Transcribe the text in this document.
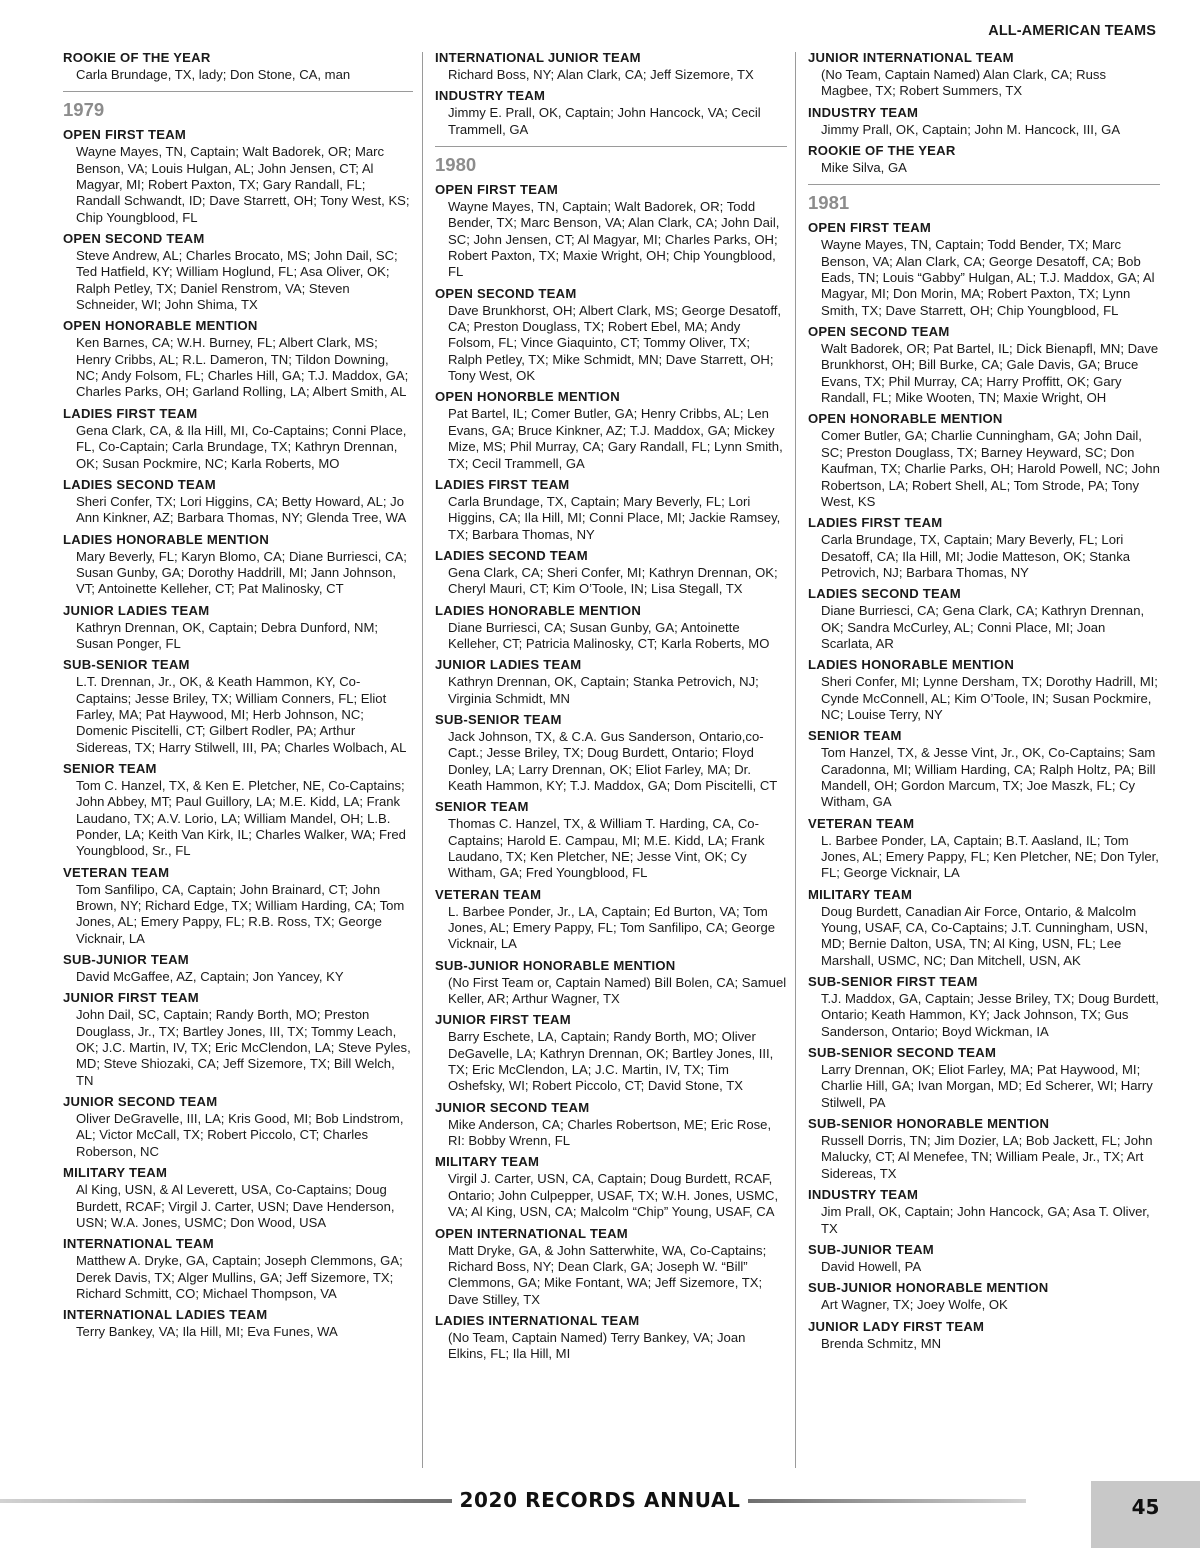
ALL-AMERICAN TEAMS
ROOKIE OF THE YEAR
Carla Brundage, TX, lady; Don Stone, CA, man
1979
OPEN FIRST TEAM
Wayne Mayes, TN, Captain; Walt Badorek, OR; Marc Benson, VA; Louis Hulgan, AL; John Jensen, CT; Al Magyar, MI; Robert Paxton, TX; Gary Randall, FL; Randall Schwandt, ID; Dave Starrett, OH; Tony West, KS; Chip Youngblood, FL
OPEN SECOND TEAM
Steve Andrew, AL; Charles Brocato, MS; John Dail, SC; Ted Hatfield, KY; William Hoglund, FL; Asa Oliver, OK; Ralph Petley, TX; Daniel Renstrom, VA; Steven Schneider, WI; John Shima, TX
OPEN HONORABLE MENTION
Ken Barnes, CA; W.H. Burney, FL; Albert Clark, MS; Henry Cribbs, AL; R.L. Dameron, TN; Tildon Downing, NC; Andy Folsom, FL; Charles Hill, GA; T.J. Maddox, GA; Charles Parks, OH; Garland Rolling, LA; Albert Smith, AL
LADIES FIRST TEAM
Gena Clark, CA, & Ila Hill, MI, Co-Captains; Conni Place, FL, Co-Captain; Carla Brundage, TX; Kathryn Drennan, OK; Susan Pockmire, NC; Karla Roberts, MO
LADIES SECOND TEAM
Sheri Confer, TX; Lori Higgins, CA; Betty Howard, AL; Jo Ann Kinkner, AZ; Barbara Thomas, NY; Glenda Tree, WA
LADIES HONORABLE MENTION
Mary Beverly, FL; Karyn Blomo, CA; Diane Burriesci, CA; Susan Gunby, GA; Dorothy Haddrill, MI; Jann Johnson, VT; Antoinette Kelleher, CT; Pat Malinosky, CT
JUNIOR LADIES TEAM
Kathryn Drennan, OK, Captain; Debra Dunford, NM; Susan Ponger, FL
SUB-SENIOR TEAM
L.T. Drennan, Jr., OK, & Keath Hammon, KY, Co-Captains; Jesse Briley, TX; William Conners, FL; Eliot Farley, MA; Pat Haywood, MI; Herb Johnson, NC; Domenic Piscitelli, CT; Gilbert Rodler, PA; Arthur Sidereas, TX; Harry Stilwell, III, PA; Charles Wolbach, AL
SENIOR TEAM
Tom C. Hanzel, TX, & Ken E. Pletcher, NE, Co-Captains; John Abbey, MT; Paul Guillory, LA; M.E. Kidd, LA; Frank Laudano, TX; A.V. Lorio, LA; William Mandel, OH; L.B. Ponder, LA; Keith Van Kirk, IL; Charles Walker, WA; Fred Youngblood, Sr., FL
VETERAN TEAM
Tom Sanfilipo, CA, Captain; John Brainard, CT; John Brown, NY; Richard Edge, TX; William Harding, CA; Tom Jones, AL; Emery Pappy, FL; R.B. Ross, TX; George Vicknair, LA
SUB-JUNIOR TEAM
David McGaffee, AZ, Captain; Jon Yancey, KY
JUNIOR FIRST TEAM
John Dail, SC, Captain; Randy Borth, MO; Preston Douglass, Jr., TX; Bartley Jones, III, TX; Tommy Leach, OK; J.C. Martin, IV, TX; Eric McClendon, LA; Steve Pyles, MD; Steve Shiozaki, CA; Jeff Sizemore, TX; Bill Welch, TN
JUNIOR SECOND TEAM
Oliver DeGravelle, III, LA; Kris Good, MI; Bob Lindstrom, AL; Victor McCall, TX; Robert Piccolo, CT; Charles Roberson, NC
MILITARY TEAM
Al King, USN, & Al Leverett, USA, Co-Captains; Doug Burdett, RCAF; Virgil J. Carter, USN; Dave Henderson, USN; W.A. Jones, USMC; Don Wood, USA
INTERNATIONAL TEAM
Matthew A. Dryke, GA, Captain; Joseph Clemmons, GA; Derek Davis, TX; Alger Mullins, GA; Jeff Sizemore, TX; Richard Schmitt, CO; Michael Thompson, VA
INTERNATIONAL LADIES TEAM
Terry Bankey, VA; Ila Hill, MI; Eva Funes, WA
INTERNATIONAL JUNIOR TEAM
Richard Boss, NY; Alan Clark, CA; Jeff Sizemore, TX
INDUSTRY TEAM
Jimmy E. Prall, OK, Captain; John Hancock, VA; Cecil Trammell, GA
1980
OPEN FIRST TEAM
Wayne Mayes, TN, Captain; Walt Badorek, OR; Todd Bender, TX; Marc Benson, VA; Alan Clark, CA; John Dail, SC; John Jensen, CT; Al Magyar, MI; Charles Parks, OH; Robert Paxton, TX; Maxie Wright, OH; Chip Youngblood, FL
OPEN SECOND TEAM
Dave Brunkhorst, OH; Albert Clark, MS; George Desatoff, CA; Preston Douglass, TX; Robert Ebel, MA; Andy Folsom, FL; Vince Giaquinto, CT; Tommy Oliver, TX; Ralph Petley, TX; Mike Schmidt, MN; Dave Starrett, OH; Tony West, OK
OPEN HONORBLE MENTION
Pat Bartel, IL; Comer Butler, GA; Henry Cribbs, AL; Len Evans, GA; Bruce Kinkner, AZ; T.J. Maddox, GA; Mickey Mize, MS; Phil Murray, CA; Gary Randall, FL; Lynn Smith, TX; Cecil Trammell, GA
LADIES FIRST TEAM
Carla Brundage, TX, Captain; Mary Beverly, FL; Lori Higgins, CA; Ila Hill, MI; Conni Place, MI; Jackie Ramsey, TX; Barbara Thomas, NY
LADIES SECOND TEAM
Gena Clark, CA; Sheri Confer, MI; Kathryn Drennan, OK; Cheryl Mauri, CT; Kim O’Toole, IN; Lisa Stegall, TX
LADIES HONORABLE MENTION
Diane Burriesci, CA; Susan Gunby, GA; Antoinette Kelleher, CT; Patricia Malinosky, CT; Karla Roberts, MO
JUNIOR LADIES TEAM
Kathryn Drennan, OK, Captain; Stanka Petrovich, NJ; Virginia Schmidt, MN
SUB-SENIOR TEAM
Jack Johnson, TX, & C.A. Gus Sanderson, Ontario,co-Capt.; Jesse Briley, TX; Doug Burdett, Ontario; Floyd Donley, LA; Larry Drennan, OK; Eliot Farley, MA; Dr. Keath Hammon, KY; T.J. Maddox, GA; Dom Piscitelli, CT
SENIOR TEAM
Thomas C. Hanzel, TX, & William T. Harding, CA, Co-Captains; Harold E. Campau, MI; M.E. Kidd, LA; Frank Laudano, TX; Ken Pletcher, NE; Jesse Vint, OK; Cy Witham, GA; Fred Youngblood, FL
VETERAN TEAM
L. Barbee Ponder, Jr., LA, Captain; Ed Burton, VA; Tom Jones, AL; Emery Pappy, FL; Tom Sanfilipo, CA; George Vicknair, LA
SUB-JUNIOR HONORABLE MENTION
(No First Team or, Captain Named) Bill Bolen, CA; Samuel Keller, AR; Arthur Wagner, TX
JUNIOR FIRST TEAM
Barry Eschete, LA, Captain; Randy Borth, MO; Oliver DeGavelle, LA; Kathryn Drennan, OK; Bartley Jones, III, TX; Eric McClendon, LA; J.C. Martin, IV, TX; Tim Oshefsky, WI; Robert Piccolo, CT; David Stone, TX
JUNIOR SECOND TEAM
Mike Anderson, CA; Charles Robertson, ME; Eric Rose, RI: Bobby Wrenn, FL
MILITARY TEAM
Virgil J. Carter, USN, CA, Captain; Doug Burdett, RCAF, Ontario; John Culpepper, USAF, TX; W.H. Jones, USMC, VA; Al King, USN, CA; Malcolm “Chip” Young, USAF, CA
OPEN INTERNATIONAL TEAM
Matt Dryke, GA, & John Satterwhite, WA, Co-Captains; Richard Boss, NY; Dean Clark, GA; Joseph W. “Bill” Clemmons, GA; Mike Fontant, WA; Jeff Sizemore, TX; Dave Stilley, TX
LADIES INTERNATIONAL TEAM
(No Team, Captain Named) Terry Bankey, VA; Joan Elkins, FL; Ila Hill, MI
JUNIOR INTERNATIONAL TEAM
(No Team, Captain Named) Alan Clark, CA; Russ Magbee, TX; Robert Summers, TX
INDUSTRY TEAM
Jimmy Prall, OK, Captain; John M. Hancock, III, GA
ROOKIE OF THE YEAR
Mike Silva, GA
1981
OPEN FIRST TEAM
Wayne Mayes, TN, Captain; Todd Bender, TX; Marc Benson, VA; Alan Clark, CA; George Desatoff, CA; Bob Eads, TN; Louis “Gabby” Hulgan, AL; T.J. Maddox, GA; Al Magyar, MI; Don Morin, MA; Robert Paxton, TX; Lynn Smith, TX; Dave Starrett, OH; Chip Youngblood, FL
OPEN SECOND TEAM
Walt Badorek, OR; Pat Bartel, IL; Dick Bienapfl, MN; Dave Brunkhorst, OH; Bill Burke, CA; Gale Davis, GA; Bruce Evans, TX; Phil Murray, CA; Harry Proffitt, OK; Gary Randall, FL; Mike Wooten, TN; Maxie Wright, OH
OPEN HONORABLE MENTION
Comer Butler, GA; Charlie Cunningham, GA; John Dail, SC; Preston Douglass, TX; Barney Heyward, SC; Don Kaufman, TX; Charlie Parks, OH; Harold Powell, NC; John Robertson, LA; Robert Shell, AL; Tom Strode, PA; Tony West, KS
LADIES FIRST TEAM
Carla Brundage, TX, Captain; Mary Beverly, FL; Lori Desatoff, CA; Ila Hill, MI; Jodie Matteson, OK; Stanka Petrovich, NJ; Barbara Thomas, NY
LADIES SECOND TEAM
Diane Burriesci, CA; Gena Clark, CA; Kathryn Drennan, OK; Sandra McCurley, AL; Conni Place, MI; Joan Scarlata, AR
LADIES HONORABLE MENTION
Sheri Confer, MI; Lynne Dersham, TX; Dorothy Hadrill, MI; Cynde McConnell, AL; Kim O’Toole, IN; Susan Pockmire, NC; Louise Terry, NY
SENIOR TEAM
Tom Hanzel, TX, & Jesse Vint, Jr., OK, Co-Captains; Sam Caradonna, MI; William Harding, CA; Ralph Holtz, PA; Bill Mandell, OH; Gordon Marcum, TX; Joe Maszk, FL; Cy Witham, GA
VETERAN TEAM
L. Barbee Ponder, LA, Captain; B.T. Aasland, IL; Tom Jones, AL; Emery Pappy, FL; Ken Pletcher, NE; Don Tyler, FL; George Vicknair, LA
MILITARY TEAM
Doug Burdett, Canadian Air Force, Ontario, & Malcolm Young, USAF, CA, Co-Captains; J.T. Cunningham, USN, MD; Bernie Dalton, USA, TN; Al King, USN, FL; Lee Marshall, USMC, NC; Dan Mitchell, USN, AK
SUB-SENIOR FIRST TEAM
T.J. Maddox, GA, Captain; Jesse Briley, TX; Doug Burdett, Ontario; Keath Hammon, KY; Jack Johnson, TX; Gus Sanderson, Ontario; Boyd Wickman, IA
SUB-SENIOR SECOND TEAM
Larry Drennan, OK; Eliot Farley, MA; Pat Haywood, MI; Charlie Hill, GA; Ivan Morgan, MD; Ed Scherer, WI; Harry Stilwell, PA
SUB-SENIOR HONORABLE MENTION
Russell Dorris, TN; Jim Dozier, LA; Bob Jackett, FL; John Malucky, CT; Al Menefee, TN; William Peale, Jr., TX; Art Sidereas, TX
INDUSTRY TEAM
Jim Prall, OK, Captain; John Hancock, GA; Asa T. Oliver, TX
SUB-JUNIOR TEAM
David Howell, PA
SUB-JUNIOR HONORABLE MENTION
Art Wagner, TX; Joey Wolfe, OK
JUNIOR LADY FIRST TEAM
Brenda Schmitz, MN
2020 RECORDS ANNUAL	45
